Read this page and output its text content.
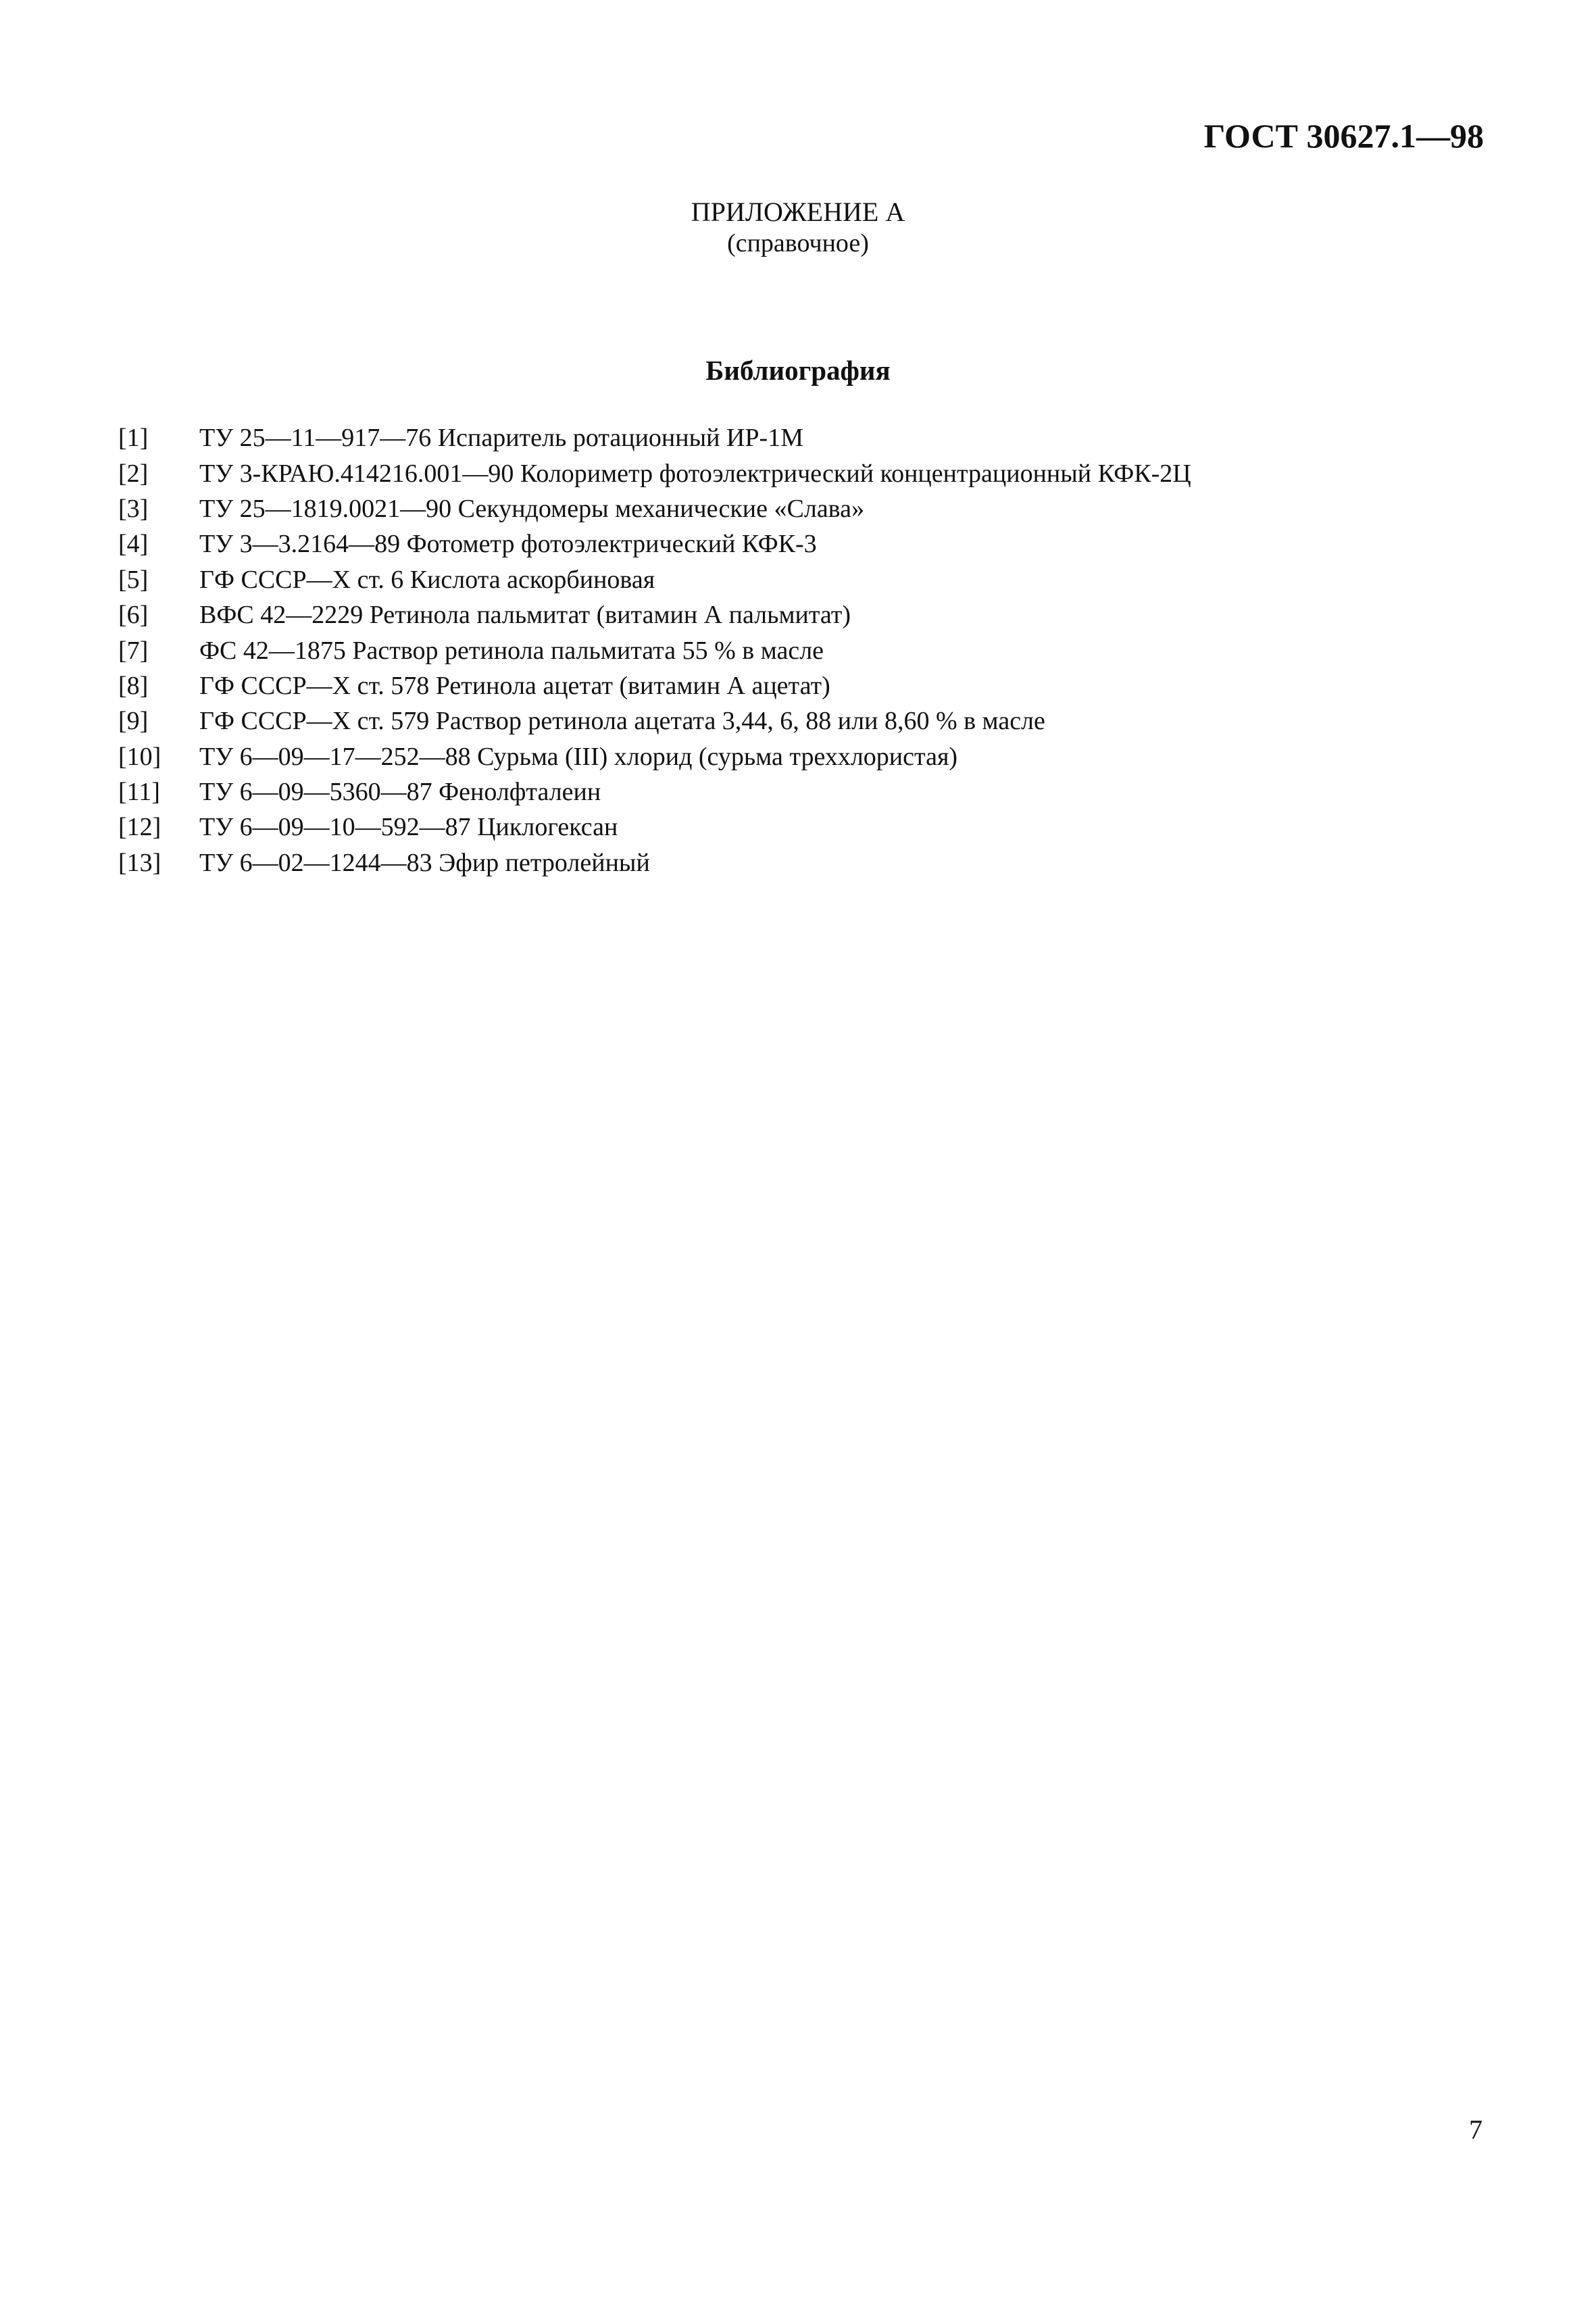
ГОСТ 30627.1—98
ПРИЛОЖЕНИЕ А
(справочное)
Библиография
[1]	ТУ 25—11—917—76 Испаритель ротационный ИР-1М
[2]	ТУ 3-КРАЮ.414216.001—90 Колориметр фотоэлектрический концентрационный КФК-2Ц
[3]	ТУ 25—1819.0021—90 Секундомеры механические «Слава»
[4]	ТУ 3—3.2164—89 Фотометр фотоэлектрический КФК-3
[5]	ГФ СССР—Х ст. 6 Кислота аскорбиновая
[6]	ВФС 42—2229 Ретинола пальмитат (витамин А пальмитат)
[7]	ФС 42—1875 Раствор ретинола пальмитата 55 % в масле
[8]	ГФ СССР—Х ст. 578 Ретинола ацетат (витамин А ацетат)
[9]	ГФ СССР—Х ст. 579 Раствор ретинола ацетата 3,44, 6, 88 или 8,60 % в масле
[10]	ТУ 6—09—17—252—88 Сурьма (III) хлорид (сурьма треххлористая)
[11]	ТУ 6—09—5360—87 Фенолфталеин
[12]	ТУ 6—09—10—592—87 Циклогексан
[13]	ТУ 6—02—1244—83 Эфир петролейный
7
